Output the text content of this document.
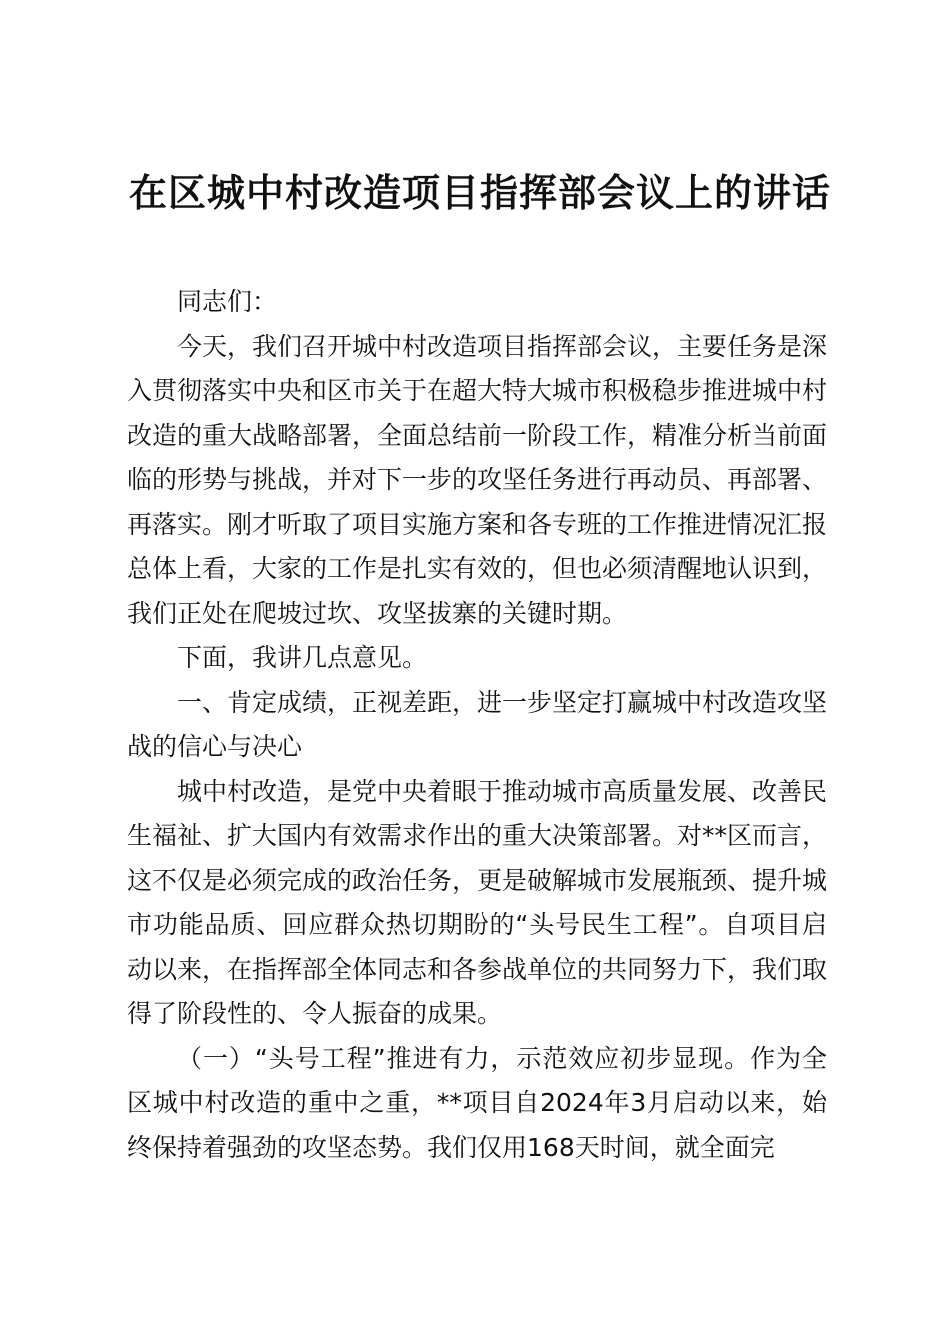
在区城中村改造项目指挥部会议上的讲话

同志们：

今天，我们召开城中村改造项目指挥部会议，主要任务是深入贯彻落实中央和区市关于在超大特大城市积极稳步推进城中村改造的重大战略部署，全面总结前一阶段工作，精准分析当前面临的形势与挑战，并对下一步的攻坚任务进行再动员、再部署、再落实。刚才听取了项目实施方案和各专班的工作推进情况汇报总体上看，大家的工作是扎实有效的，但也必须清醒地认识到，我们正处在爬坡过坎、攻坚拔寨的关键时期。

下面，我讲几点意见。

一、肯定成绩，正视差距，进一步坚定打赢城中村改造攻坚战的信心与决心

城中村改造，是党中央着眼于推动城市高质量发展、改善民生福祉、扩大国内有效需求作出的重大决策部署。对**区而言，这不仅是必须完成的政治任务，更是破解城市发展瓶颈、提升城市功能品质、回应群众热切期盼的“头号民生工程”。自项目启动以来，在指挥部全体同志和各参战单位的共同努力下，我们取得了阶段性的、令人振奋的成果。

（一）“头号工程”推进有力，示范效应初步显现。作为全区城中村改造的重中之重，**项目自2024年3月启动以来，始终保持着强劲的攻坚态势。我们仅用168天时间，就全面完
